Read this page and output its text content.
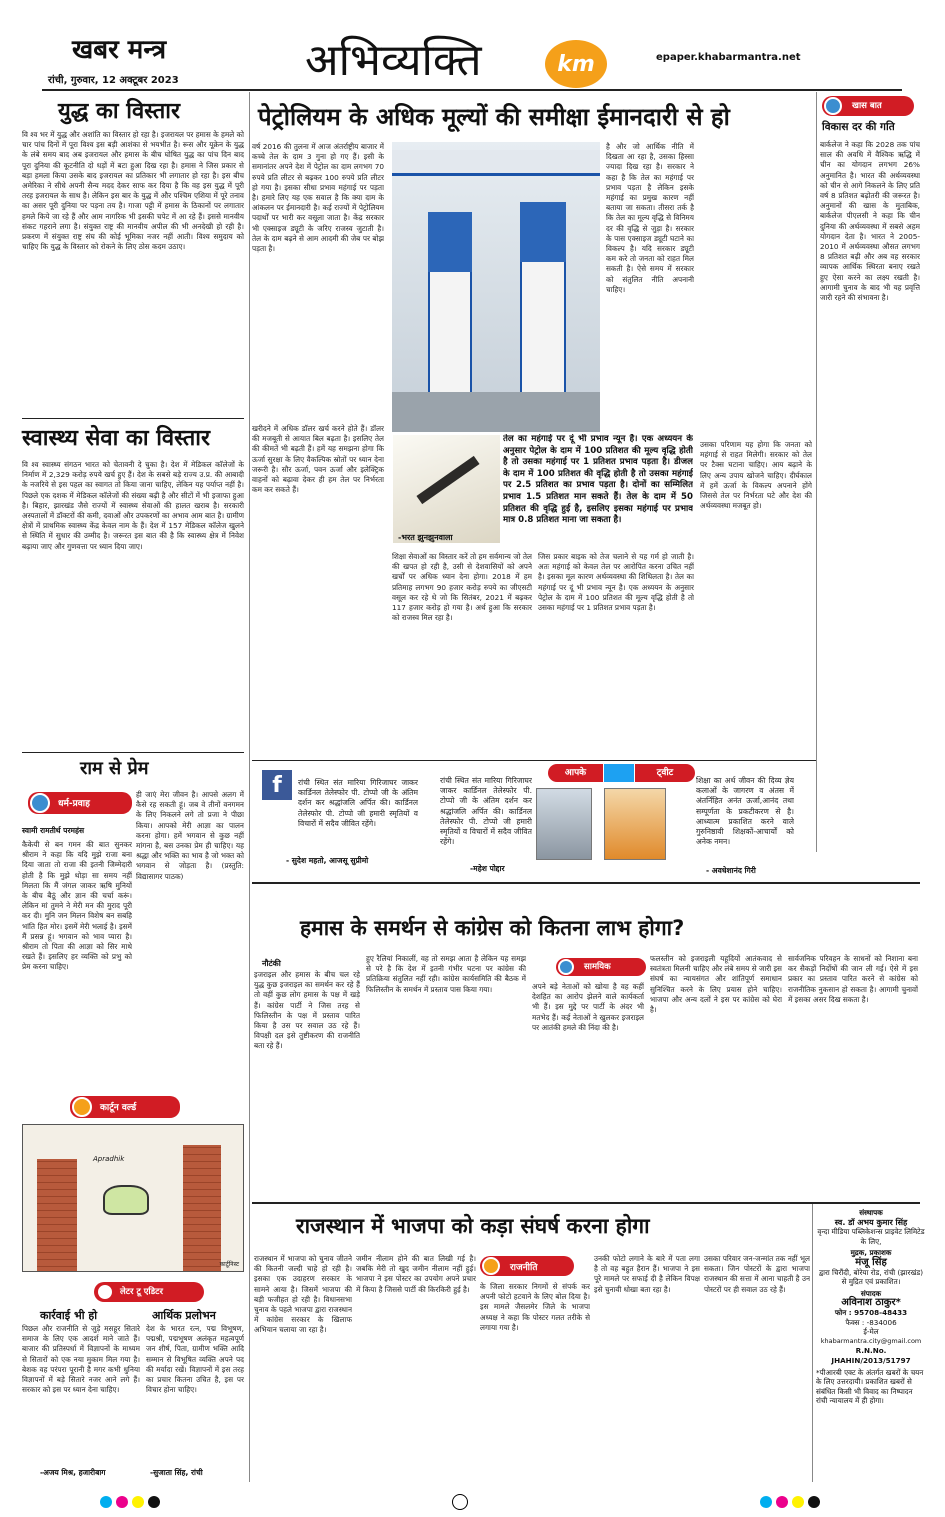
खबर मन्त्र
रांची, गुरुवार, 12 अक्टूबर 2023	अभिव्यक्ति	km	epaper.khabarmantra.net
युद्ध का विस्तार
वि श्व भर में युद्ध और अशांति का विस्तार हो रहा है। इजरायल पर हमास के हमले को चार पांच दिनों में पूरा विश्व इस बड़ी आशंका से भयभीत है। रूस और यूक्रेन के युद्ध के लंबे समय बाद अब इजरायल और हमास के बीच घोषित युद्ध का पांच दिन बाद पूरा दुनिया की कूटनीति दो धड़ों में बटा हुआ दिख रहा है। हमास ने जिस प्रकार से बड़ा हमला किया उसके बाद इजरायल का प्रतिकार भी लगातार हो रहा है। इस बीच अमेरिका ने सीधे अपनी सैन्य मदद देकर साफ कर दिया है कि वह इस युद्ध में पूरी तरह इजरायल के साथ है। लेकिन इस बार के युद्ध में और पश्चिम एशिया में पूरे तनाव का असर पूरी दुनिया पर पड़ना तय है। गाजा पट्टी में हमास के ठिकानों पर लगातार हमले किये जा रहे हैं और आम नागरिक भी इसकी चपेट में आ रहे हैं। इससे मानवीय संकट गहराने लगा है। संयुक्त राष्ट्र की मानवीय अपील की भी अनदेखी हो रही है। प्रकरण में संयुक्त राष्ट्र संघ की कोई भूमिका नजर नहीं आती। विश्व समुदाय को चाहिए कि युद्ध के विस्तार को रोकने के लिए ठोस कदम उठाए।
स्वास्थ्य सेवा का विस्तार
वि श्व स्वास्थ्य संगठन भारत को चेतावनी दे चुका है। देश में मेडिकल कॉलेजों के निर्माण में 2,329 करोड़ रुपये खर्च हुए हैं। देश के सबसे बड़े राज्य उ.प्र. की आबादी के नजरिये से इस पहल का स्वागत तो किया जाना चाहिए, लेकिन यह पर्याप्त नहीं है। पिछले एक दशक में मेडिकल कॉलेजों की संख्या बढ़ी है और सीटों में भी इजाफा हुआ है। बिहार, झारखंड जैसे राज्यों में स्वास्थ्य सेवाओं की हालत खराब है। सरकारी अस्पतालों में डॉक्टरों की कमी, दवाओं और उपकरणों का अभाव आम बात है। ग्रामीण क्षेत्रों में प्राथमिक स्वास्थ्य केंद्र केवल नाम के हैं। देश में 157 मेडिकल कॉलेज खुलने से स्थिति में सुधार की उम्मीद है। जरूरत इस बात की है कि स्वास्थ्य क्षेत्र में निवेश बढ़ाया जाए और गुणवत्ता पर ध्यान दिया जाए।
राम से प्रेम
धर्म-प्रवाह
स्वामी रामतीर्थ परमहंस
कैकेयी से बन गमन की बात सुनकर श्रीराम ने कहा कि यदि मुझे राजा बना दिया जाता तो राजा की इतनी जिम्मेदारी होती है कि मुझे थोड़ा सा समय नहीं मिलता कि मैं जंगल जाकर ऋषि मुनियों के बीच बैठूं और ज्ञान की चर्चा करूं। लेकिन मां तुमने ने मेरी मन की मुराद पूरी कर दी। मुनि जन मिलन विशेष बन सबहि भांति हित मोर। इसमें मेरी भलाई है। इसमें मैं प्रसन्न हूं। भगवान को भाव प्यारा है। श्रीराम तो पिता की आज्ञा को सिर माथे रखते हैं। इसलिए हर व्यक्ति को प्रभु को प्रेम करना चाहिए।
ही जाएं मेरा जीवन है। आपसे अलग में कैसे रह सकती हूं। जब वे तीनों वनगमन के लिए निकलने लगे तो प्रजा ने पीछा किया। आपको मेरी आज्ञा का पालन करना होगा। हमें भगवान से कुछ नहीं मांगना है, बस उनका प्रेम ही चाहिए। यह श्रद्धा और भक्ति का भाव है जो भक्त को भगवान से जोड़ता है। (प्रस्तुति: विद्यासागर पाठक)
कार्टून वर्ल्ड
Apradhik
कार्टूनिस्ट
लेटर टू एडिटर
कार्रवाई भी हो
पिछल और राजनीति से जुड़े मसहूर सितारे समाज के लिए एक आदर्श माने जाते हैं। बाजार की प्रतिस्पर्धा में विज्ञापनों के माध्यम से सितारों को एक नया मुकाम मिल गया है। बेशक वह परंपरा पूरानी है मगर कभी धुनिया विज्ञापनों में बड़े सितारे नजर आने लगे हैं। सरकार को इस पर ध्यान देना चाहिए।
-अजय मिश्र, हजारीबाग
आर्थिक प्रलोभन
देश के भारत रत्न, पद्म विभूषण, पद्मश्री, पद्मभूषण अलंकृत महत्वपूर्ण जन शीर्ष, पिता, ग्रामीण भक्ति आदि सम्मान से विभूषित व्यक्ति अपने पद की मर्यादा रखें। विज्ञापनों में इस तरह का प्रचार कितना उचित है, इस पर विचार होना चाहिए।
-सुजाता सिंह, रांची
पेट्रोलियम के अधिक मूल्यों की समीक्षा ईमानदारी से हो
वर्ष 2016 की तुलना में आज अंतर्राष्ट्रीय बाजार में कच्चे तेल के दाम 3 गुना हो गए हैं। इसी के समानांतर अपने देश में पेट्रोल का दाम लगभग 70 रुपये प्रति लीटर से बढ़कर 100 रुपये प्रति लीटर हो गया है। इसका सीधा प्रभाव महंगाई पर पड़ता है। हमारे लिए यह एक सवाल है कि क्या दाम के आंकलन पर ईमानदारी है। कई राज्यों में पेट्रोलियम पदार्थों पर भारी कर वसूला जाता है। केंद्र सरकार भी एक्साइज ड्यूटी के जरिए राजस्व जुटाती है। तेल के दाम बढ़ने से आम आदमी की जेब पर बोझ पड़ता है।
है और जो आर्थिक नीति में दिखता आ रहा है, उसका हिस्सा ज्यादा दिख रहा है। सरकार ने कहा है कि तेल का महंगाई पर प्रभाव पड़ता है लेकिन इसके महंगाई का प्रमुख कारण नहीं बताया जा सकता। तीसरा तर्क है कि तेल का मूल्य वृद्धि से विनिमय दर की वृद्धि से जुड़ा है। सरकार के पास एक्साइज ड्यूटी घटाने का विकल्प है। यदि सरकार ड्यूटी कम करे तो जनता को राहत मिल सकती है। ऐसे समय में सरकार को संतुलित नीति अपनानी चाहिए।
-भरत झुनझुनवाला
तेल का महंगाई पर दूं भी प्रभाव न्यून है। एक अध्ययन के अनुसार पेट्रोल के दाम में 100 प्रतिशत की मूल्य वृद्धि होती है तो उसका महंगाई पर 1 प्रतिशत प्रभाव पड़ता है। डीजल के दाम में 100 प्रतिशत की वृद्धि होती है तो उसका महंगाई पर 2.5 प्रतिशत का प्रभाव पड़ता है। दोनों का सम्मिलित प्रभाव 1.5 प्रतिशत मान सकते हैं। तेल के दाम में 50 प्रतिशत की वृद्धि हुई है, इसलिए इसका महंगाई पर प्रभाव मात्र 0.8 प्रतिशत माना जा सकता है।
खरीदने में अधिक डॉलर खर्च करने होते हैं। डॉलर की मजबूती से आयात बिल बढ़ता है। इसलिए तेल की कीमतें भी बढ़ती हैं। हमें यह समझना होगा कि ऊर्जा सुरक्षा के लिए वैकल्पिक स्रोतों पर ध्यान देना जरूरी है। सौर ऊर्जा, पवन ऊर्जा और इलेक्ट्रिक वाहनों को बढ़ावा देकर ही हम तेल पर निर्भरता कम कर सकते हैं।
शिक्षा सेवाओं का विस्तार करें तो हम सर्वमान्य जो तेल की खपत हो रही है, उसी से देशवासियों को अपने खर्चों पर अधिक ध्यान देना होगा। 2018 में हम प्रतिमाह लगभग 90 हजार करोड़ रुपये का जीएसटी वसूल कर रहे थे जो कि सितंबर, 2021 में बढ़कर 117 हजार करोड़ हो गया है। अर्थ हुआ कि सरकार को राजस्व मिल रहा है।
जिस प्रकार बाइक को तेज चलाने से यह गर्म हो जाती है। अतः महंगाई को केवल तेल पर आरोपित करना उचित नहीं है। इसका मूल कारण अर्थव्यवस्था की शिथिलता है। तेल का महंगाई पर दूं भी प्रभाव न्यून है। एक अध्ययन के अनुसार पेट्रोल के दाम में 100 प्रतिशत की मूल्य वृद्धि होती है तो उसका महंगाई पर 1 प्रतिशत प्रभाव पड़ता है।
उसका परिणाम यह होगा कि जनता को महंगाई से राहत मिलेगी। सरकार को तेल पर टैक्स घटाना चाहिए। आय बढ़ाने के लिए अन्य उपाय खोजने चाहिए। दीर्घकाल में हमें ऊर्जा के विकल्प अपनाने होंगे जिससे तेल पर निर्भरता घटे और देश की अर्थव्यवस्था मजबूत हो।
खास बात
विकास दर की गति
बार्कलेज ने कहा कि 2028 तक पांच साल की अवधि में वैश्विक ऋद्धि में चीन का योगदान लगभग 26% अनुमानित है। भारत की अर्थव्यवस्था को चीन से आगे निकलने के लिए प्रति वर्ष 8 प्रतिशत बढ़ोतरी की जरूरत है। अनुमानों की खास के मुताबिक, बार्कलेज पीएलसी ने कहा कि चीन दुनिया की अर्थव्यवस्था में सबसे अहम योगदान देता है। भारत ने 2005-2010 में अर्थव्यवस्था औसत लगभग 8 प्रतिशत बढ़ी और अब वह सरकार व्यापक आर्थिक स्थिरता बनाए रखते हुए ऐसा करने का लक्ष्य रखती है। आगामी चुनाव के बाद भी यह प्रवृत्ति जारी रहने की संभावना है।
आपके	ट्वीट
f	रांची स्थित संत मारिया गिरिजाघर जाकर कार्डिनल तेलेस्फोर पी. टोप्पो जी के अंतिम दर्शन कर श्रद्धांजलि अर्पित की। कार्डिनल तेलेस्फोर पी. टोप्पो जी हमारी स्मृतियों व विचारों में सदैव जीवित रहेंगे।
- सुदेश महतो, आजसू सुप्रीमो
रांची स्थित संत मारिया गिरिजाघर जाकर कार्डिनल तेलेस्फोर पी. टोप्पो जी के अंतिम दर्शन कर श्रद्धांजलि अर्पित की। कार्डिनल तेलेस्फोर पी. टोप्पो जी हमारी स्मृतियों व विचारों में सदैव जीवित रहेंगे।
-महेश पोद्दार
शिक्षा का अर्थ जीवन की दिव्य ज्ञेय कलाओं के जागरण व अंतस में अंतर्निहित अनंत ऊर्जा,आनंद तथा सम्पूर्णता के प्रकटीकरण से है। आध्यात्म प्रकाशित करने वाले गुरुनिष्ठावी शिक्षकों-आचार्यों को अनेक नमन।
- अवधेशानंद गिरी
हमास के समर्थन से कांग्रेस को कितना लाभ होगा?
नौटंकी
इजराइल और हमास के बीच चल रहे युद्ध कुछ इजराइल का समर्थन कर रहे हैं तो वहीं कुछ लोग हमास के पक्ष में खड़े हैं। कांग्रेस पार्टी ने जिस तरह से फिलिस्तीन के पक्ष में प्रस्ताव पारित किया है उस पर सवाल उठ रहे हैं। विपक्षी दल इसे तुष्टीकरण की राजनीति बता रहे हैं।
हुए रैलियां निकालीं, वह तो समझ आता है लेकिन यह समझ से परे है कि देश में इतनी गंभीर घटना पर कांग्रेस की प्रतिक्रिया संतुलित नहीं रही। कांग्रेस कार्यसमिति की बैठक में फिलिस्तीन के समर्थन में प्रस्ताव पास किया गया।
सामयिक
अपने बड़े नेताओं को खोया है वह कहीं देशहित का आरोप झेलने वाले कार्यकर्ता भी हैं। इस मुद्दे पर पार्टी के अंदर भी मतभेद हैं। कई नेताओं ने खुलकर इजराइल पर आतंकी हमले की निंदा की है।
फलस्तीन को इजराइली यहूदियों आतंकवाद से स्वतंत्रता मिलनी चाहिए और लंबे समय से जारी इस संघर्ष का न्यायसंगत और शांतिपूर्ण समाधान सुनिश्चित करने के लिए प्रयास होने चाहिए। भाजपा और अन्य दलों ने इस पर कांग्रेस को घेरा है।
सार्वजनिक परिवहन के साधनों को निशाना बना कर सैकड़ों निर्दोषों की जान ली गई। ऐसे में इस प्रकार का प्रस्ताव पारित करने से कांग्रेस को राजनीतिक नुकसान हो सकता है। आगामी चुनावों में इसका असर दिख सकता है।
राजस्थान में भाजपा को कड़ा संघर्ष करना होगा
राजस्थान में भाजपा को चुनाव जीतने की कितनी जल्दी चाहे हो रही है। इसका एक उदाहरण सरकार के सामने आया है। जिसमें भाजपा की बड़ी फजीहत हो रही है। विधानसभा चुनाव के पहले भाजपा द्वारा राजस्थान में कांग्रेस सरकार के खिलाफ अभियान चलाया जा रहा है।
जमीन नीलाम होने की बात लिखी गई है। जबकि मेरी तो खुद जमीन नीलाम नहीं हुई। भाजपा ने इस पोस्टर का उपयोग अपने प्रचार में किया है जिससे पार्टी की किरकिरी हुई है।
राजनीति
के जिला सरकार निगमों से संपर्क कर अपनी फोटो हटवाने के लिए बोल दिया है। इस मामले जैसलमेर जिले के भाजपा अध्यक्ष ने कहा कि पोस्टर गलत तरीके से लगाया गया है।
उनकी फोटो लगाने के बारे में पता लगा है तो वह बहुत हैरान हैं। भाजपा ने इस पूरे मामले पर सफाई दी है लेकिन विपक्ष इसे चुनावी धोखा बता रहा है।
उसका परिवार जन-जन्मांत तक नहीं भूल सकता। जिन पोस्टरों के द्वारा भाजपा राजस्थान की सत्ता में आना चाहती है उन पोस्टरों पर ही सवाल उठ रहे हैं।
संस्थापक
स्व. डॉ अभय कुमार सिंह
वृन्दा मीडिया पब्लिकेशन्स प्राइवेट लिमिटेड के लिए,
मुद्रक, प्रकाशक
मंजू सिंह
द्वारा चिरौंदी, बोरेया रोड, रांची (झारखंड) से मुद्रित एवं प्रकाशित।
संपादक
अविनाश ठाकुर*
फोन : 95708-48433
फैक्स : -834006
ई-मेल
khabarmantra.city@gmail.com
R.N.No.
JHAHIN/2013/51797
*पीआरबी एक्ट के अंतर्गत खबरों के चयन के लिए उत्तरदायी। प्रकाशित खबरों से संबंधित किसी भी विवाद का निष्पादन रांची न्यायालय में ही होगा।
